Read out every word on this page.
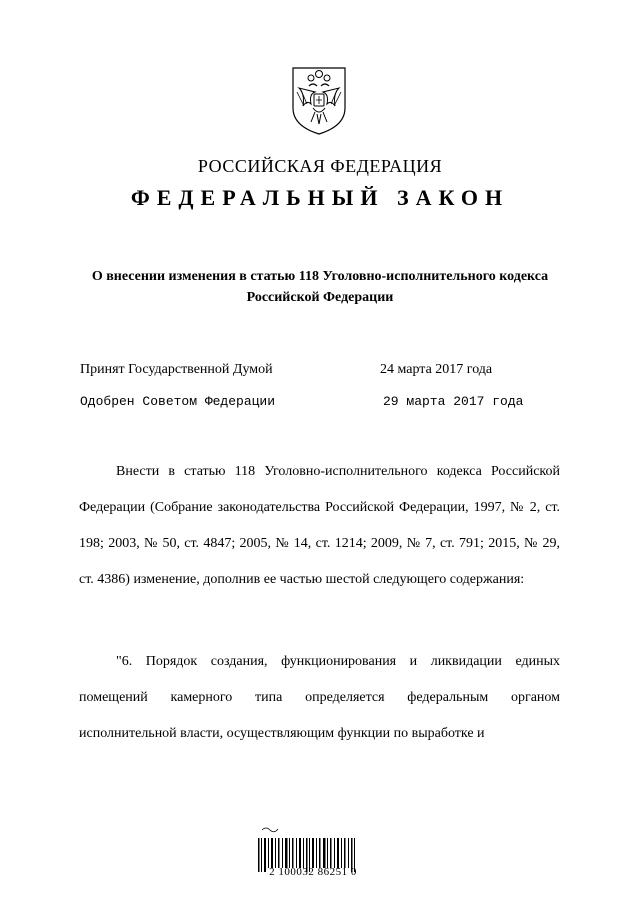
РОССИЙСКАЯ ФЕДЕРАЦИЯ
ФЕДЕРАЛЬНЫЙ ЗАКОН
О внесении изменения в статью 118 Уголовно-исполнительного кодекса Российской Федерации
Принят Государственной Думой	24 марта 2017 года
Одобрен Советом Федерации	29 марта 2017 года

Внести в статью 118 Уголовно-исполнительного кодекса Российской Федерации (Собрание законодательства Российской Федерации, 1997, № 2, ст. 198; 2003, № 50, ст. 4847; 2005, № 14, ст. 1214; 2009, № 7, ст. 791; 2015, № 29, ст. 4386) изменение, дополнив ее частью шестой следующего содержания:

"6. Порядок создания, функционирования и ликвидации единых помещений камерного типа определяется федеральным органом исполнительной власти, осуществляющим функции по выработке и

2 100032 86251 0
